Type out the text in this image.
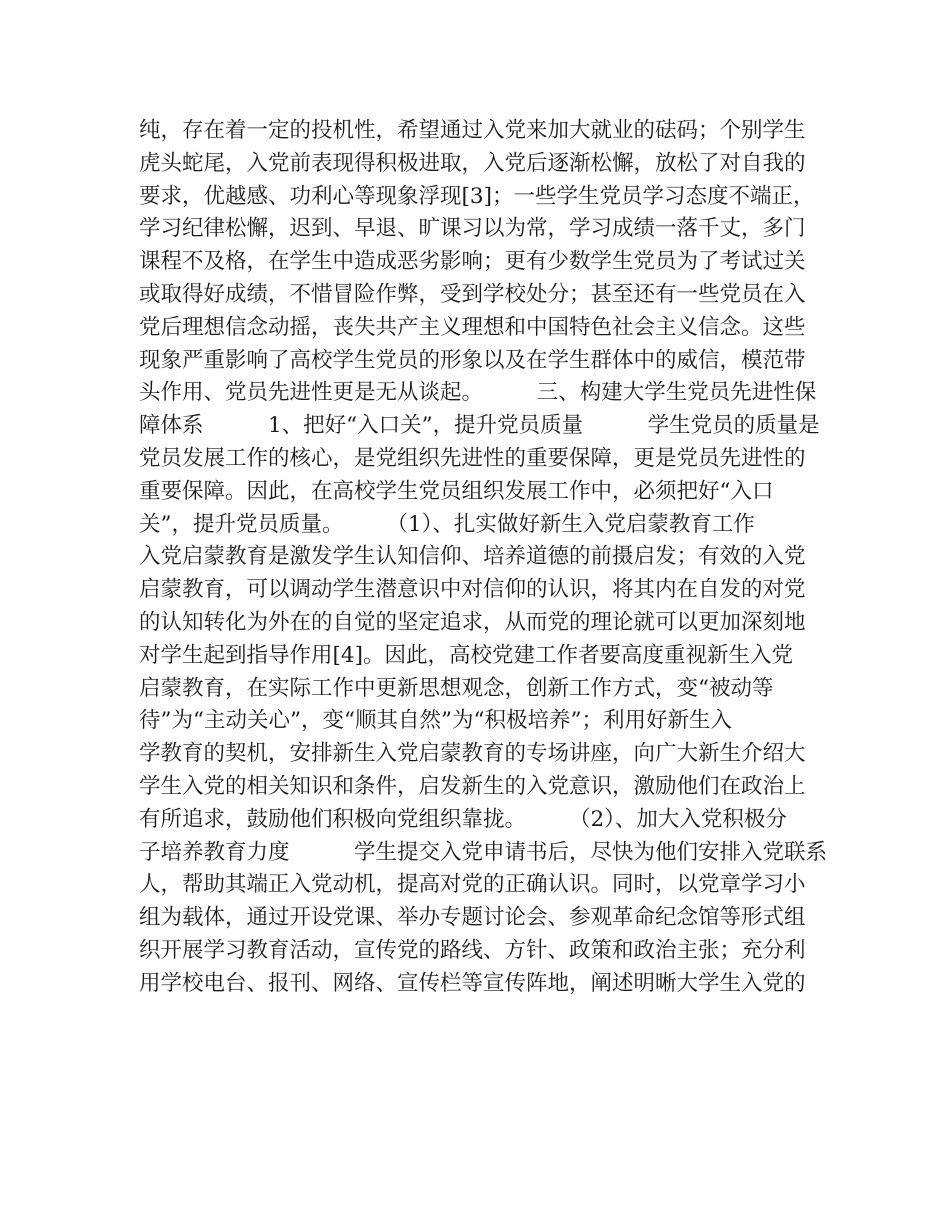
纯，存在着一定的投机性，希望通过入党来加大就业的砝码；个别学生
虎头蛇尾，入党前表现得积极进取，入党后逐渐松懈，放松了对自我的
要求，优越感、功利心等现象浮现[3]；一些学生党员学习态度不端正，
学习纪律松懈，迟到、早退、旷课习以为常，学习成绩一落千丈，多门
课程不及格，在学生中造成恶劣影响；更有少数学生党员为了考试过关
或取得好成绩，不惜冒险作弊，受到学校处分；甚至还有一些党员在入
党后理想信念动摇，丧失共产主义理想和中国特色社会主义信念。这些
现象严重影响了高校学生党员的形象以及在学生群体中的威信，模范带
头作用、党员先进性更是无从谈起。　　　三、构建大学生党员先进性保
障体系　　　1、把好“入口关”，提升党员质量　　　学生党员的质量是
党员发展工作的核心，是党组织先进性的重要保障，更是党员先进性的
重要保障。因此，在高校学生党员组织发展工作中，必须把好“入口
关”，提升党员质量。　　　（1）、扎实做好新生入党启蒙教育工作
入党启蒙教育是激发学生认知信仰、培养道德的前摄启发；有效的入党
启蒙教育，可以调动学生潜意识中对信仰的认识，将其内在自发的对党
的认知转化为外在的自觉的坚定追求，从而党的理论就可以更加深刻地
对学生起到指导作用[4]。因此，高校党建工作者要高度重视新生入党
启蒙教育，在实际工作中更新思想观念，创新工作方式，变“被动等
待”为“主动关心”，变“顺其自然”为“积极培养”；利用好新生入
学教育的契机，安排新生入党启蒙教育的专场讲座，向广大新生介绍大
学生入党的相关知识和条件，启发新生的入党意识，激励他们在政治上
有所追求，鼓励他们积极向党组织靠拢。　　　（2）、加大入党积极分
子培养教育力度　　　学生提交入党申请书后，尽快为他们安排入党联系
人，帮助其端正入党动机，提高对党的正确认识。同时，以党章学习小
组为载体，通过开设党课、举办专题讨论会、参观革命纪念馆等形式组
织开展学习教育活动，宣传党的路线、方针、政策和政治主张；充分利
用学校电台、报刊、网络、宣传栏等宣传阵地，阐述明晰大学生入党的
